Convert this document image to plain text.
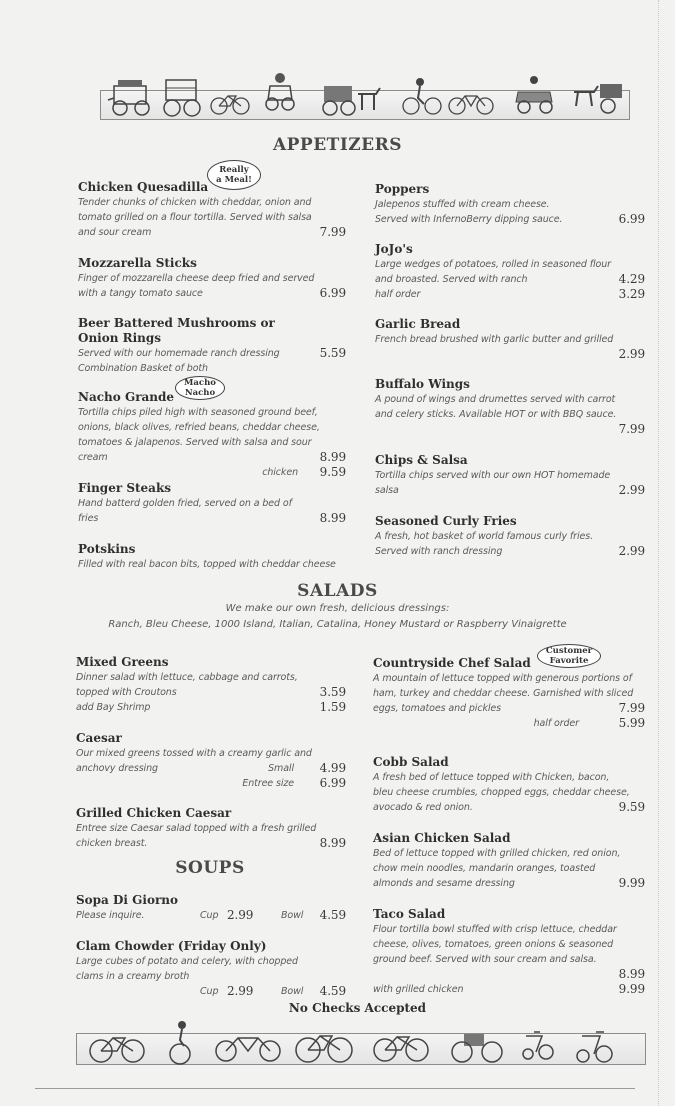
APPETIZERS
Really
a Meal!
Chicken Quesadilla
Tender chunks of chicken with cheddar, onion and
tomato grilled on a flour tortilla. Served with salsa
and sour cream	7.99
Mozzarella Sticks
Finger of mozzarella cheese deep fried and served
with a tangy tomato sauce	6.99
Beer Battered Mushrooms or
Onion Rings
Served with our homemade ranch dressing	5.59
Combination Basket of both
Macho
Nacho
Nacho Grande
Tortilla chips piled high with seasoned ground beef,
onions, black olives, refried beans, cheddar cheese,
tomatoes & jalapenos. Served with salsa and sour
cream	8.99
chicken 9.59
Finger Steaks
Hand batterd golden fried, served on a bed of
fries	8.99
Potskins
Filled with real bacon bits, topped with cheddar cheese
Poppers
Jalepenos stuffed with cream cheese.
Served with InfernoBerry dipping sauce.	6.99
JoJo's
Large wedges of potatoes, rolled in seasoned flour
and broasted. Served with ranch	4.29
half order	3.29
Garlic Bread
French bread brushed with garlic butter and grilled
2.99
Buffalo Wings
A pound of wings and drumettes served with carrot
and celery sticks. Available HOT or with BBQ sauce.
7.99
Chips & Salsa
Tortilla chips served with our own HOT homemade
salsa	2.99
Seasoned Curly Fries
A fresh, hot basket of world famous curly fries.
Served with ranch dressing	2.99
SALADS
We make our own fresh, delicious dressings:
Ranch, Bleu Cheese, 1000 Island, Italian, Catalina, Honey Mustard or Raspberry Vinaigrette
Mixed Greens
Dinner salad with lettuce, cabbage and carrots,
topped with Croutons	3.59
add Bay Shrimp	1.59
Caesar
Our mixed greens tossed with a creamy garlic and
anchovy dressing	Small 4.99
Entree size 6.99
Grilled Chicken Caesar
Entree size Caesar salad topped with a fresh grilled
chicken breast.	8.99
Customer
Favorite
Countryside Chef Salad
A mountain of lettuce topped with generous portions of
ham, turkey and cheddar cheese. Garnished with sliced
eggs, tomatoes and pickles	7.99
half order	5.99
Cobb Salad
A fresh bed of lettuce topped with Chicken, bacon,
bleu cheese crumbles, chopped eggs, cheddar cheese,
avocado & red onion.	9.59
Asian Chicken Salad
Bed of lettuce topped with grilled chicken, red onion,
chow mein noodles, mandarin oranges, toasted
almonds and sesame dressing	9.99
Taco Salad
Flour tortilla bowl stuffed with crisp lettuce, cheddar
cheese, olives, tomatoes, green onions & seasoned
ground beef. Served with sour cream and salsa.
8.99
with grilled chicken	9.99
SOUPS
Sopa Di Giorno
Please inquire.	Cup 2.99	Bowl 4.59
Clam Chowder (Friday Only)
Large cubes of potato and celery, with chopped
clams in a creamy broth
Cup 2.99	Bowl 4.59
No Checks Accepted
